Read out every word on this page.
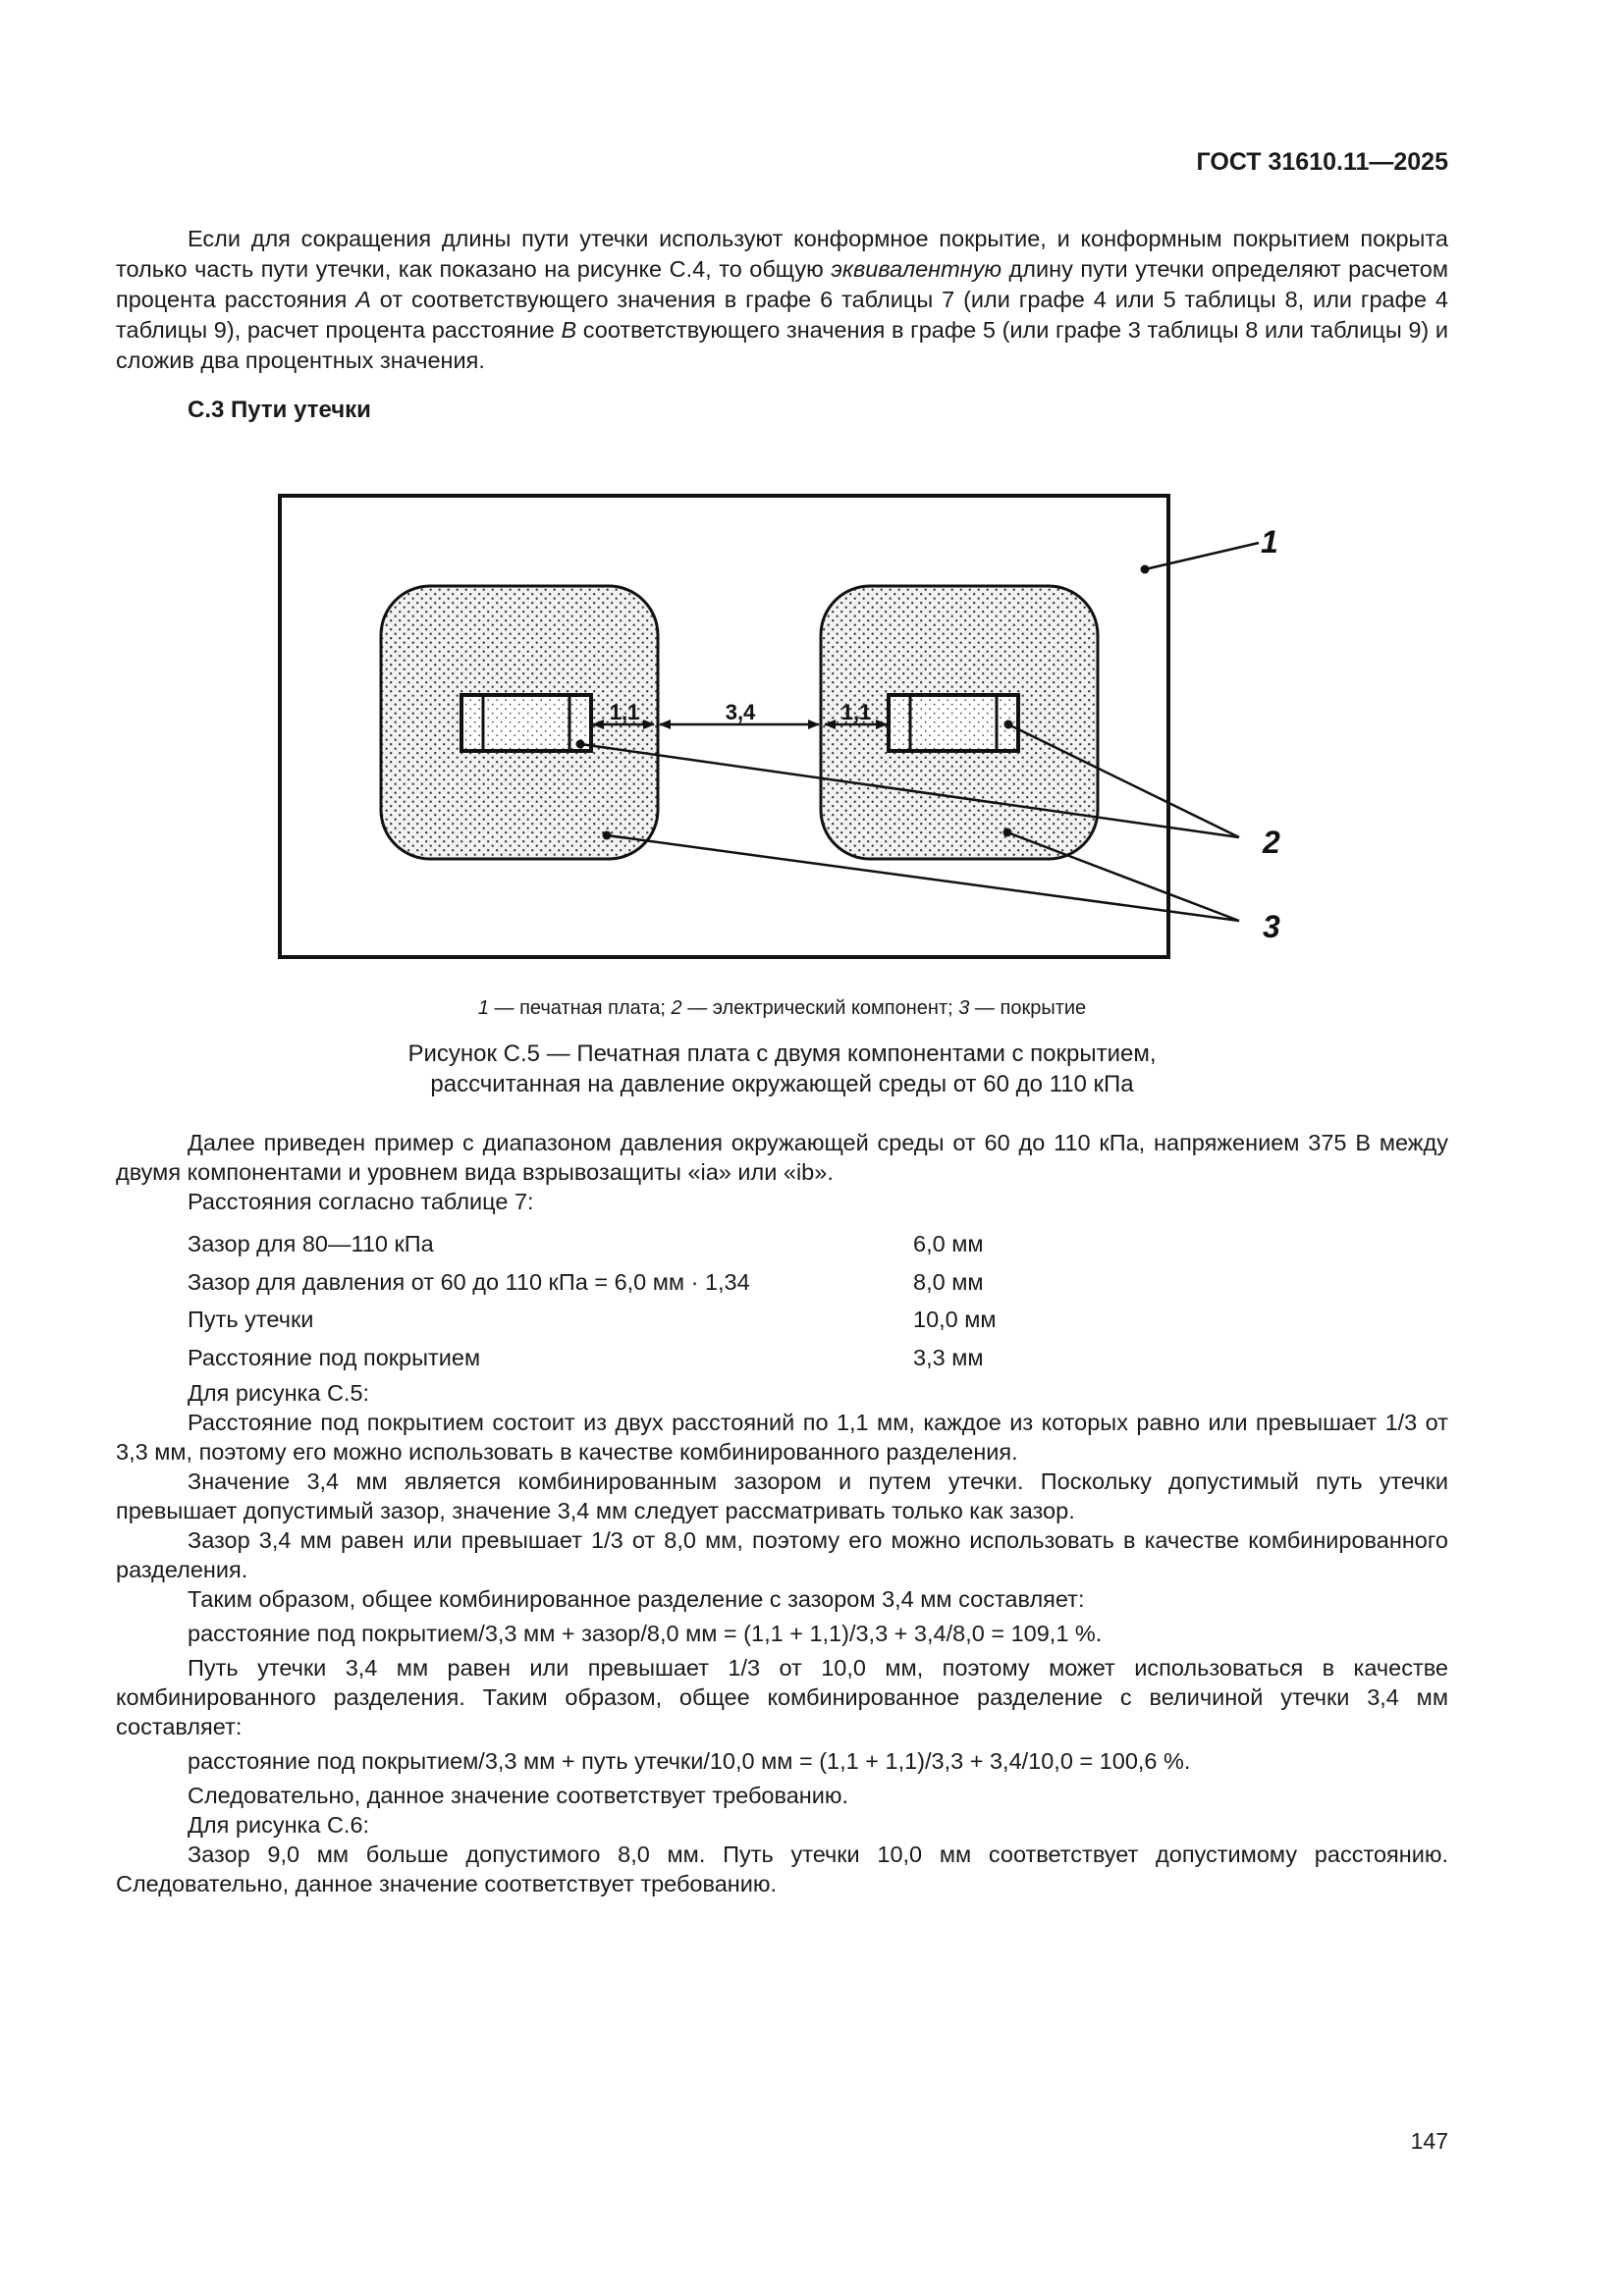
ГОСТ 31610.11—2025

Если для сокращения длины пути утечки используют конформное покрытие, и конформным покрытием покрыта только часть пути утечки, как показано на рисунке С.4, то общую эквивалентную длину пути утечки определяют расчетом процента расстояния A от соответствующего значения в графе 6 таблицы 7 (или графе 4 или 5 таблицы 8, или графе 4 таблицы 9), расчет процента расстояние B соответствующего значения в графе 5 (или графе 3 таблицы 8 или таблицы 9) и сложив два процентных значения.

С.3 Пути утечки
1,1	3,4	1,1
1
2
3
1 — печатная плата; 2 — электрический компонент; 3 — покрытие
Рисунок С.5 — Печатная плата с двумя компонентами с покрытием,
рассчитанная на давление окружающей среды от 60 до 110 кПа

Далее приведен пример с диапазоном давления окружающей среды от 60 до 110 кПа, напряжением 375 В между двумя компонентами и уровнем вида взрывозащиты «ia» или «ib».

Расстояния согласно таблице 7:

Зазор для 80—110 кПа	6,0 мм
Зазор для давления от 60 до 110 кПа = 6,0 мм · 1,34	8,0 мм
Путь утечки	10,0 мм
Расстояние под покрытием	3,3 мм

Для рисунка С.5:

Расстояние под покрытием состоит из двух расстояний по 1,1 мм, каждое из которых равно или превышает 1/3 от 3,3 мм, поэтому его можно использовать в качестве комбинированного разделения.

Значение 3,4 мм является комбинированным зазором и путем утечки. Поскольку допустимый путь утечки превышает допустимый зазор, значение 3,4 мм следует рассматривать только как зазор.

Зазор 3,4 мм равен или превышает 1/3 от 8,0 мм, поэтому его можно использовать в качестве комбинированного разделения.

Таким образом, общее комбинированное разделение с зазором 3,4 мм составляет:

расстояние под покрытием/3,3 мм + зазор/8,0 мм = (1,1 + 1,1)/3,3 + 3,4/8,0 = 109,1 %.

Путь утечки 3,4 мм равен или превышает 1/3 от 10,0 мм, поэтому может использоваться в качестве комбинированного разделения. Таким образом, общее комбинированное разделение с величиной утечки 3,4 мм составляет:

расстояние под покрытием/3,3 мм + путь утечки/10,0 мм = (1,1 + 1,1)/3,3 + 3,4/10,0 = 100,6 %.

Следовательно, данное значение соответствует требованию.

Для рисунка С.6:

Зазор 9,0 мм больше допустимого 8,0 мм. Путь утечки 10,0 мм соответствует допустимому расстоянию. Следовательно, данное значение соответствует требованию.

147
